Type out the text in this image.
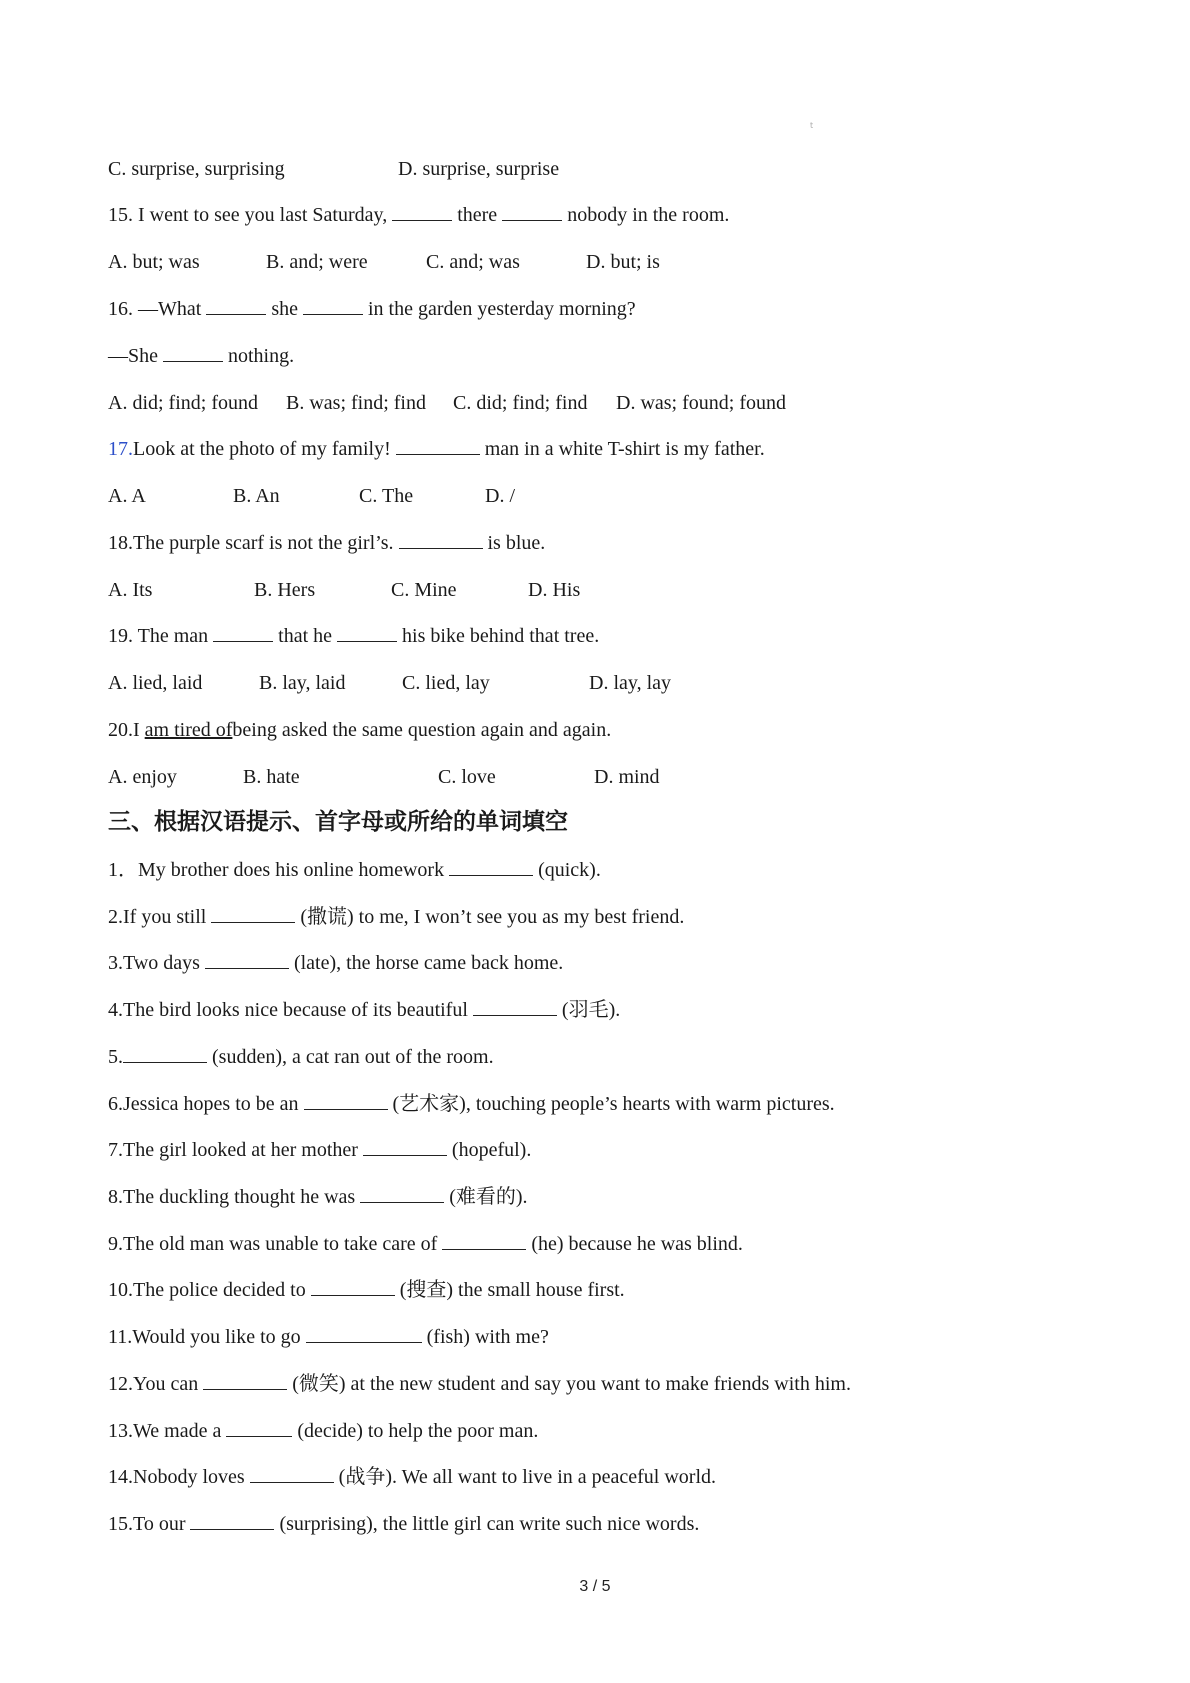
t
C. surprise, surprising	D. surprise, surprise
15. I went to see you last Saturday,	there	nobody in the room.
A. but; was	B. and; were	C. and; was	D. but; is
16. —What	she	in the garden yesterday morning?
—She	nothing.
A. did; find; found B. was; find; find C. did; find; find D. was; found; found
17.Look at the photo of my family!	man in a white T-shirt is my father.
A. A	B. An	C. The	D. /
18.The purple scarf is not the girl’s.	is blue.
A. Its	B. Hers	C. Mine	D. His
19. The man	that he	his bike behind that tree.
A. lied, laid	B. lay, laid	C. lied, lay	D. lay, lay
20.I am tired ofbeing asked the same question again and again.
A. enjoy	B. hate	C. love	D. mind
三、根据汉语提示、首字母或所给的单词填空
1．My brother does his online homework	(quick).
2.If you still	(撒谎) to me, I won’t see you as my best friend.
3.Two days	(late), the horse came back home.
4.The bird looks nice because of its beautiful	(羽毛).
5.	(sudden), a cat ran out of the room.
6.Jessica hopes to be an	(艺术家), touching people’s hearts with warm pictures.
7.The girl looked at her mother	(hopeful).
8.The duckling thought he was	(难看的).
9.The old man was unable to take care of	(he) because he was blind.
10.The police decided to	(搜查) the small house first.
11.Would you like to go	(fish) with me?
12.You can	(微笑) at the new student and say you want to make friends with him.
13.We made a	(decide) to help the poor man.
14.Nobody loves	(战争). We all want to live in a peaceful world.
15.To our	(surprising), the little girl can write such nice words.
3 / 5
